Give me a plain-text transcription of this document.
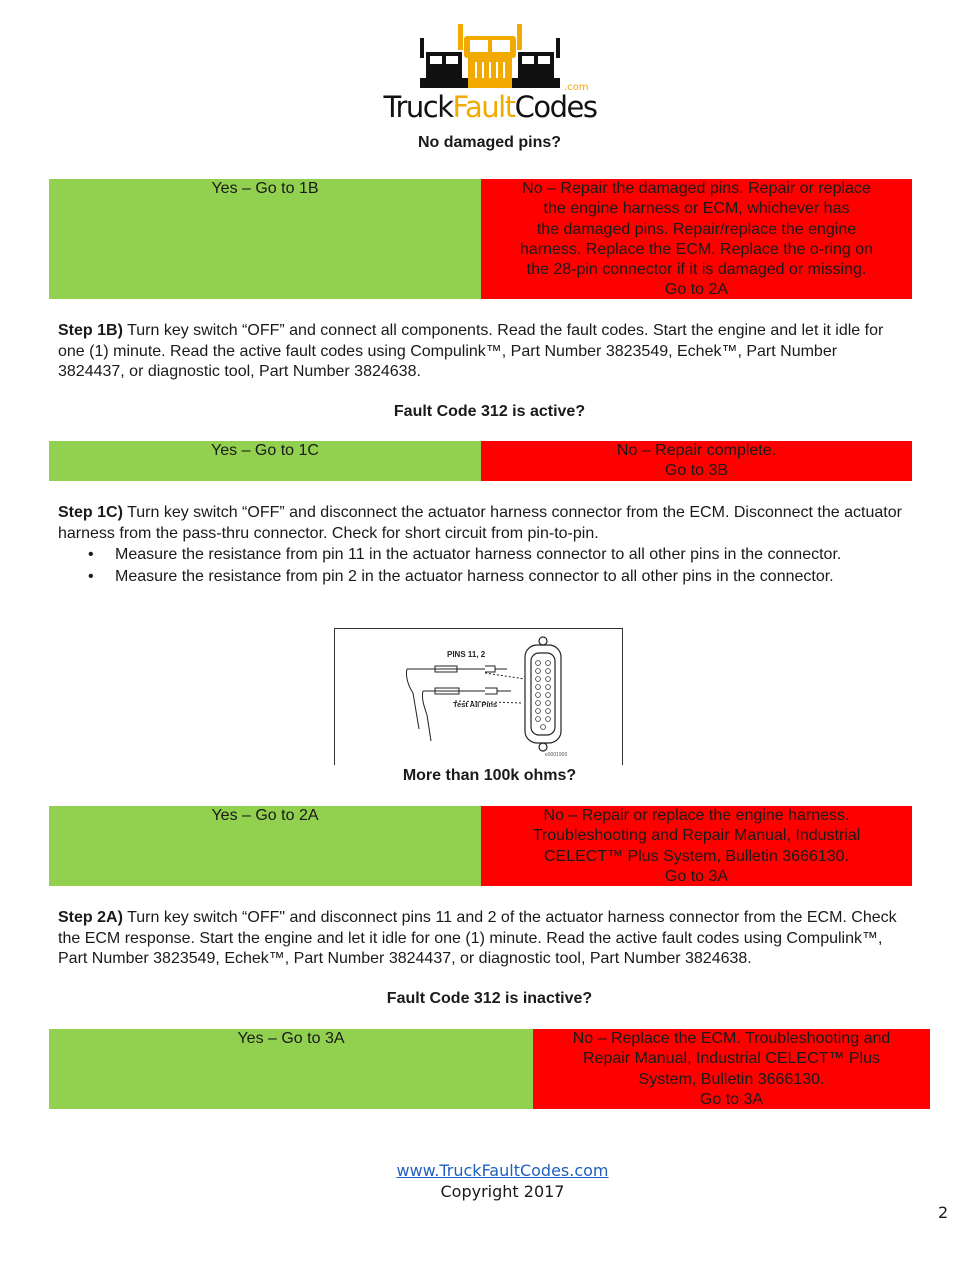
.com
TruckFaultCodes
No damaged pins?
Yes – Go to 1B	No – Repair the damaged pins. Repair or replace
the engine harness or ECM, whichever has
the damaged pins. Repair/replace the engine
harness. Replace the ECM. Replace the o-ring on
the 28-pin connector if it is damaged or missing.
Go to 2A
Step 1B) Turn key switch “OFF” and connect all components. Read the fault codes. Start the engine and let it idle for one (1) minute. Read the active fault codes using Compulink™, Part Number 3823549, Echek™, Part Number 3824437, or diagnostic tool, Part Number 3824638.
Fault Code 312 is active?
Yes – Go to 1C	No – Repair complete.
Go to 3B
Step 1C) Turn key switch “OFF” and disconnect the actuator harness connector from the ECM. Disconnect the actuator harness from the pass-thru connector. Check for short circuit from pin-to-pin.
• Measure the resistance from pin 11 in the actuator harness connector to all other pins in the connector.
• Measure the resistance from pin 2 in the actuator harness connector to all other pins in the connector.
PINS 11, 2
Test All Pins
e0001900
More than 100k ohms?
Yes – Go to 2A	No – Repair or replace the engine harness.
Troubleshooting and Repair Manual, Industrial
CELECT™ Plus System, Bulletin 3666130.
Go to 3A
Step 2A) Turn key switch “OFF" and disconnect pins 11 and 2 of the actuator harness connector from the ECM. Check the ECM response. Start the engine and let it idle for one (1) minute. Read the active fault codes using Compulink™, Part Number 3823549, Echek™, Part Number 3824437, or diagnostic tool, Part Number 3824638.
Fault Code 312 is inactive?
Yes – Go to 3A	No – Replace the ECM. Troubleshooting and
Repair Manual, Industrial CELECT™ Plus
System, Bulletin 3666130.
Go to 3A
www.TruckFaultCodes.com
Copyright 2017
2
